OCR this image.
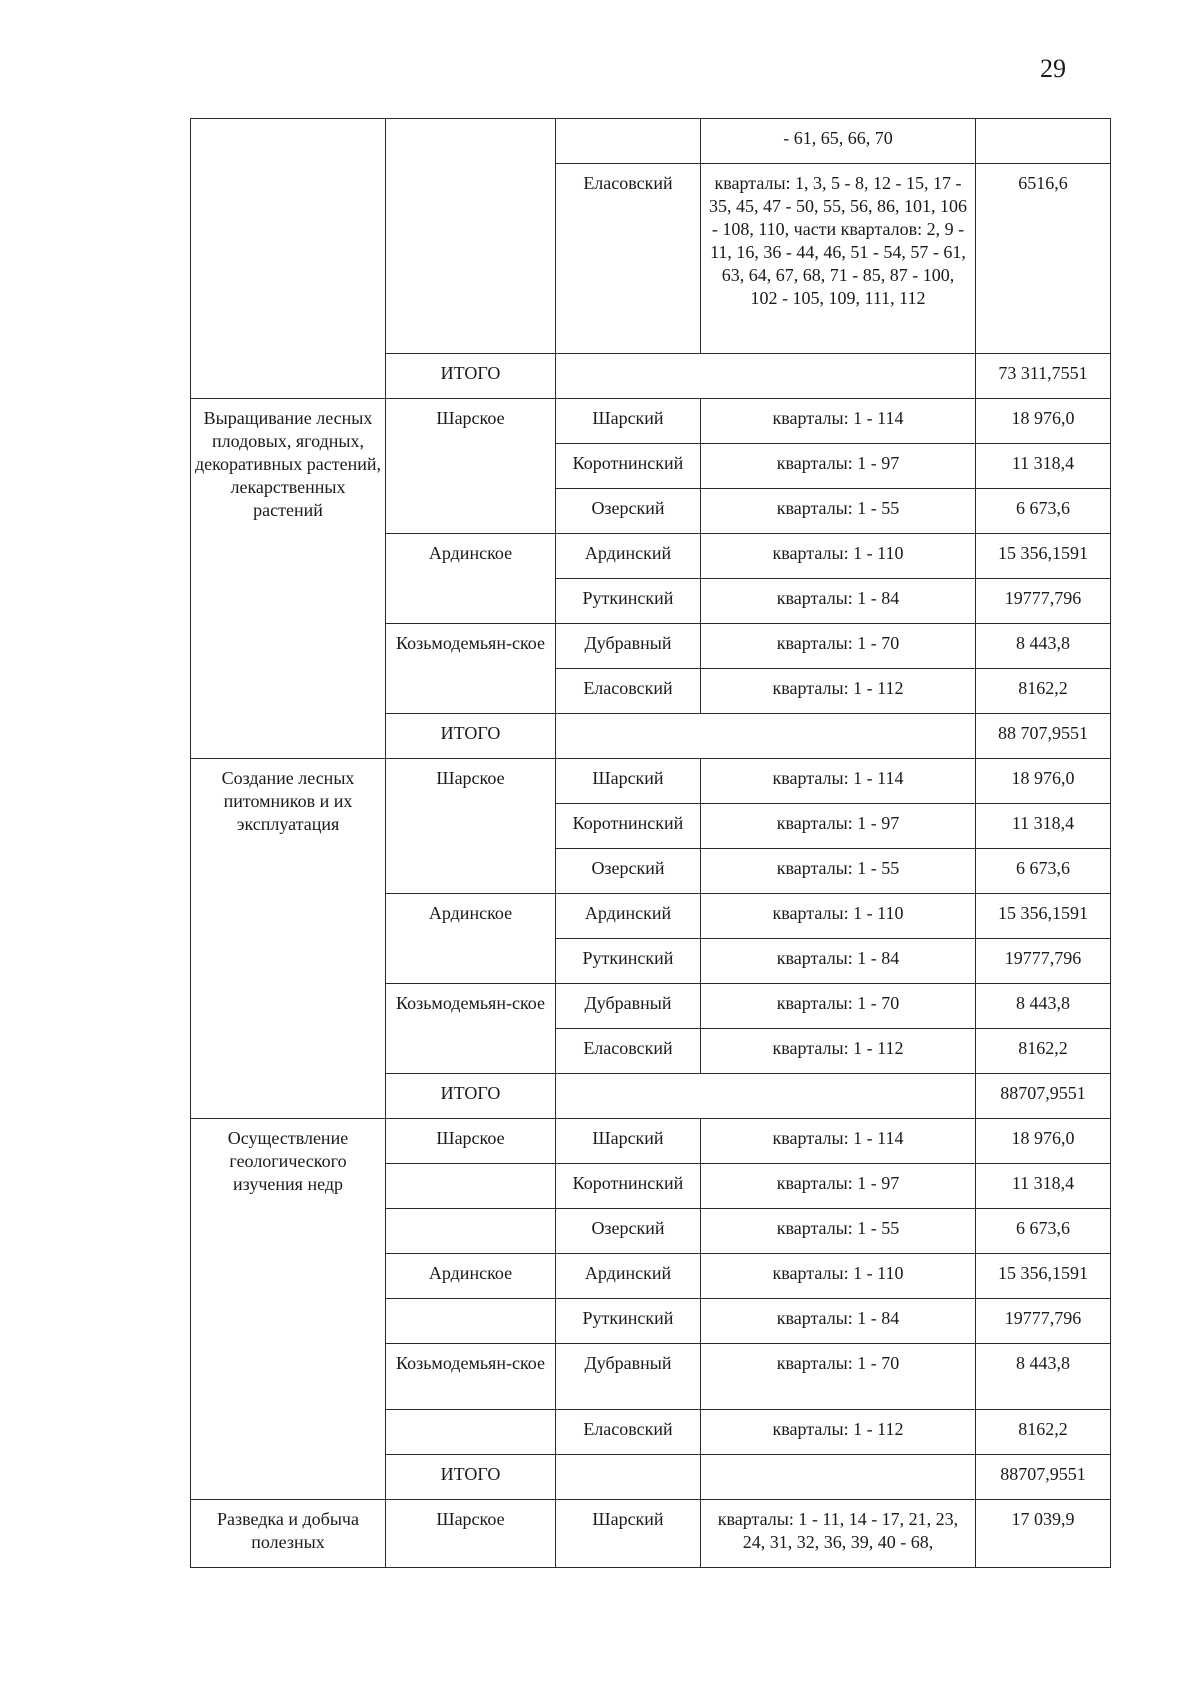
29
			- 61, 65, 66, 70	
		Еласовский	кварталы: 1, 3, 5 - 8, 12 - 15, 17 - 35, 45, 47 - 50, 55, 56, 86, 101, 106 - 108, 110, части кварталов: 2, 9 - 11, 16, 36 - 44, 46, 51 - 54, 57 - 61, 63, 64, 67, 68, 71 - 85, 87 - 100, 102 - 105, 109, 111, 112	6516,6
	ИТОГО			73 311,7551
Выращивание лесных плодовых, ягодных, декоративных растений, лекарственных растений	Шарское	Шарский	кварталы: 1 - 114	18 976,0
		Коротнинский	кварталы: 1 - 97	11 318,4
		Озерский	кварталы: 1 - 55	6 673,6
	Ардинское	Ардинский	кварталы: 1 - 110	15 356,1591
		Руткинский	кварталы: 1 - 84	19777,796
	Козьмодемьян-ское	Дубравный	кварталы: 1 - 70	8 443,8
		Еласовский	кварталы: 1 - 112	8162,2
	ИТОГО			88 707,9551
Создание лесных питомников и их эксплуатация	Шарское	Шарский	кварталы: 1 - 114	18 976,0
		Коротнинский	кварталы: 1 - 97	11 318,4
		Озерский	кварталы: 1 - 55	6 673,6
	Ардинское	Ардинский	кварталы: 1 - 110	15 356,1591
		Руткинский	кварталы: 1 - 84	19777,796
	Козьмодемьян-ское	Дубравный	кварталы: 1 - 70	8 443,8
		Еласовский	кварталы: 1 - 112	8162,2
	ИТОГО			88707,9551
Осуществление геологического изучения недр	Шарское	Шарский	кварталы: 1 - 114	18 976,0
		Коротнинский	кварталы: 1 - 97	11 318,4
		Озерский	кварталы: 1 - 55	6 673,6
	Ардинское	Ардинский	кварталы: 1 - 110	15 356,1591
		Руткинский	кварталы: 1 - 84	19777,796
	Козьмодемьян-ское	Дубравный	кварталы: 1 - 70	8 443,8
		Еласовский	кварталы: 1 - 112	8162,2
	ИТОГО			88707,9551
Разведка и добыча полезных	Шарское	Шарский	кварталы: 1 - 11, 14 - 17, 21, 23, 24, 31, 32, 36, 39, 40 - 68,	17 039,9
